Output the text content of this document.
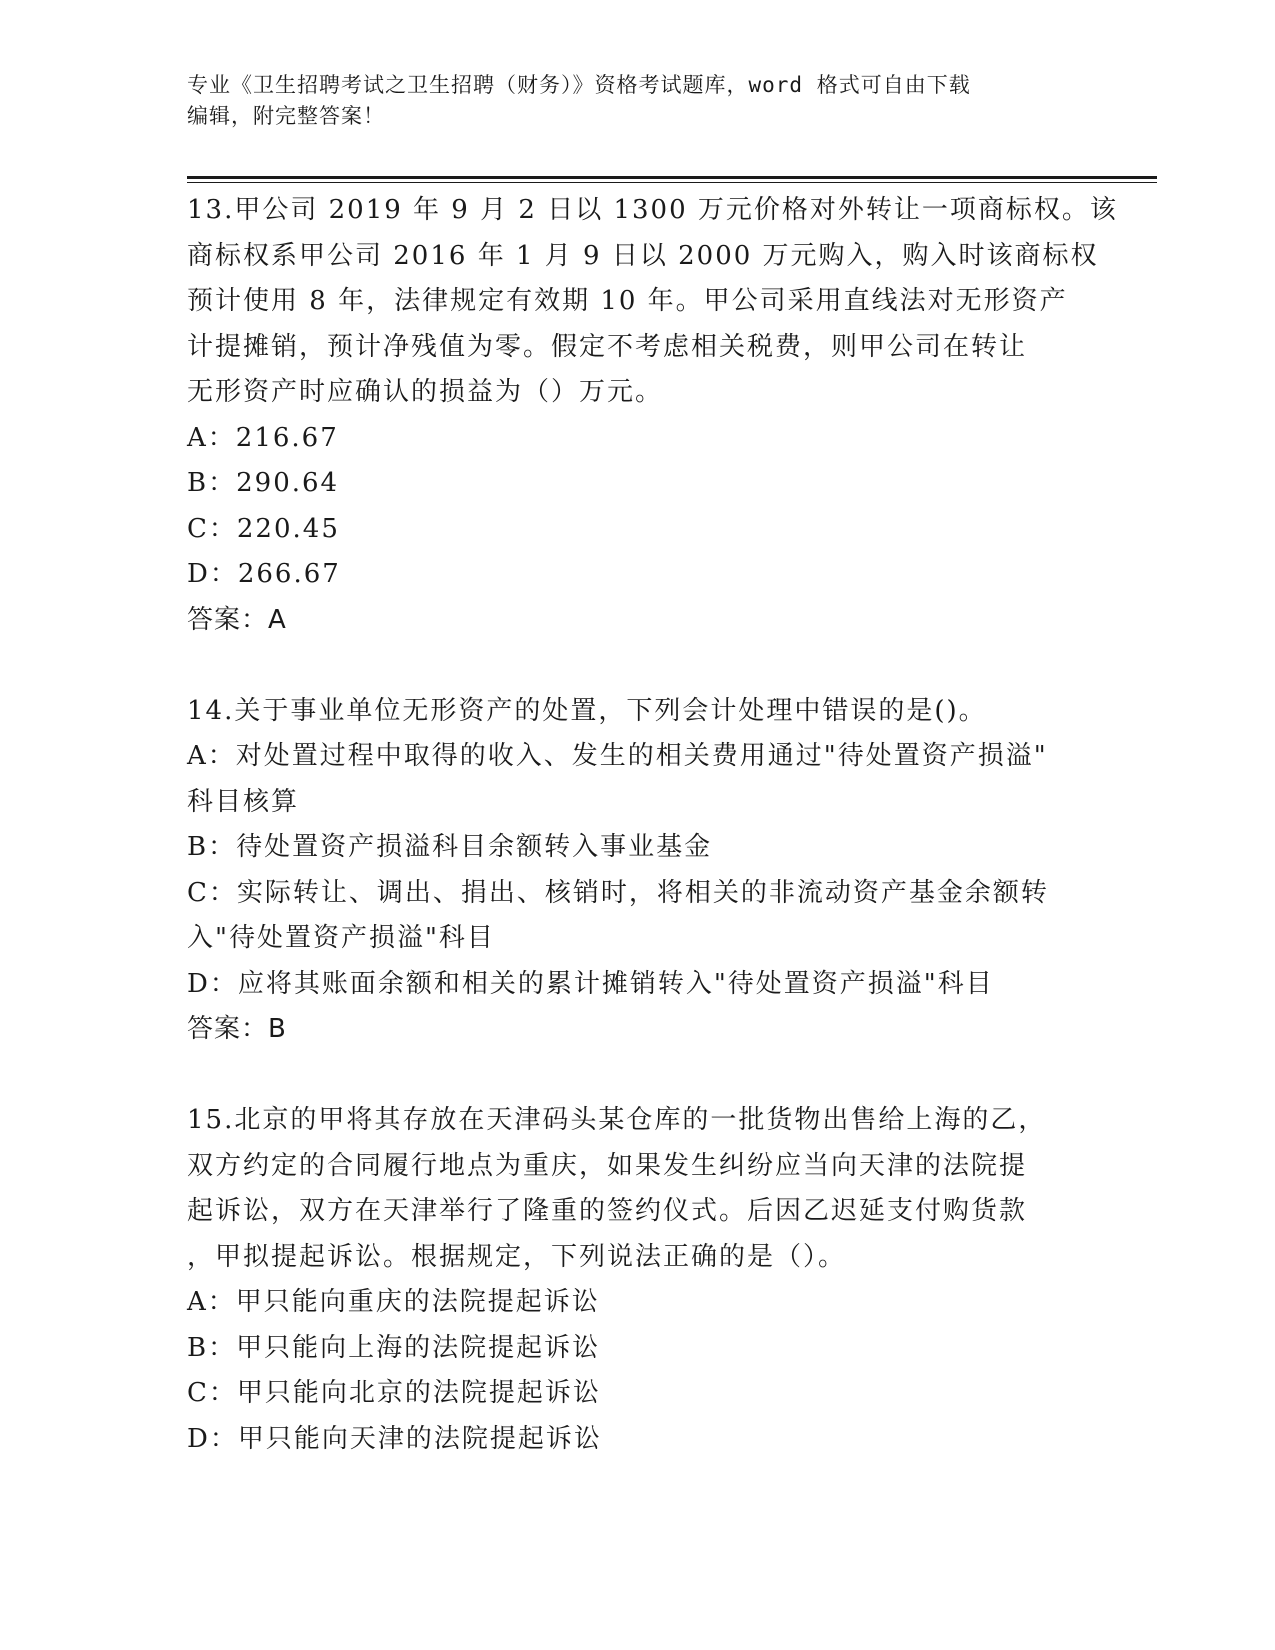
专业《卫生招聘考试之卫生招聘（财务）》资格考试题库，word 格式可自由下载
编辑，附完整答案！
13.甲公司 2019 年 9 月 2 日以 1300 万元价格对外转让一项商标权。该
商标权系甲公司 2016 年 1 月 9 日以 2000 万元购入，购入时该商标权
预计使用 8 年，法律规定有效期 10 年。甲公司采用直线法对无形资产
计提摊销，预计净残值为零。假定不考虑相关税费，则甲公司在转让
无形资产时应确认的损益为（）万元。
A：216.67
B：290.64
C：220.45
D：266.67
答案：A
14.关于事业单位无形资产的处置，下列会计处理中错误的是()。
A：对处置过程中取得的收入、发生的相关费用通过"待处置资产损溢"
科目核算
B：待处置资产损溢科目余额转入事业基金
C：实际转让、调出、捐出、核销时，将相关的非流动资产基金余额转
入"待处置资产损溢"科目
D：应将其账面余额和相关的累计摊销转入"待处置资产损溢"科目
答案：B
15.北京的甲将其存放在天津码头某仓库的一批货物出售给上海的乙，
双方约定的合同履行地点为重庆，如果发生纠纷应当向天津的法院提
起诉讼，双方在天津举行了隆重的签约仪式。后因乙迟延支付购货款
，甲拟提起诉讼。根据规定，下列说法正确的是（）。
A：甲只能向重庆的法院提起诉讼
B：甲只能向上海的法院提起诉讼
C：甲只能向北京的法院提起诉讼
D：甲只能向天津的法院提起诉讼
